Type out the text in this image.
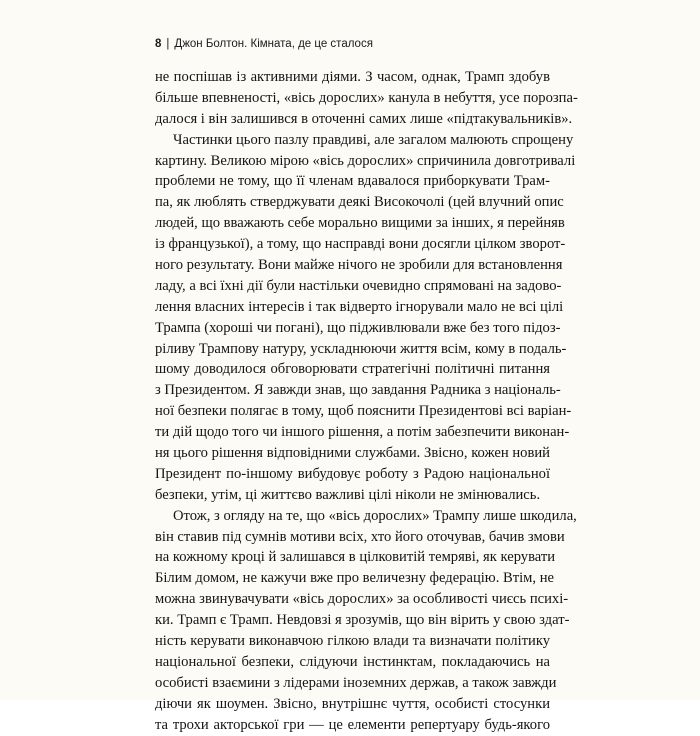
8 | Джон Болтон. Кімната, де це сталося
не поспішав із активними діями. З часом, однак, Трамп здобув
більше впевненості, «вісь дорослих» канула в небуття, усе порозпа-
далося і він залишився в оточенні самих лише «підтакувальників».
Частинки цього пазлу правдиві, але загалом малюють спрощену
картину. Великою мірою «вісь дорослих» спричинила довготривалі
проблеми не тому, що її членам вдавалося приборкувати Трам-
па, як люблять стверджувати деякі Високочолі (цей влучний опис
людей, що вважають себе морально вищими за інших, я перейняв
із французької), а тому, що насправді вони досягли цілком зворот-
ного результату. Вони майже нічого не зробили для встановлення
ладу, а всі їхні дії були настільки очевидно спрямовані на задово-
лення власних інтересів і так відверто ігнорували мало не всі цілі
Трампа (хороші чи погані), що підживлювали вже без того підоз-
ріливу Трампову натуру, ускладнюючи життя всім, кому в подаль-
шому доводилося обговорювати стратегічні політичні питання
з Президентом. Я завжди знав, що завдання Радника з національ-
ної безпеки полягає в тому, щоб пояснити Президентові всі варіан-
ти дій щодо того чи іншого рішення, а потім забезпечити виконан-
ня цього рішення відповідними службами. Звісно, кожен новий
Президент по-іншому вибудовує роботу з Радою національної
безпеки, утім, ці життєво важливі цілі ніколи не змінювались.
Отож, з огляду на те, що «вісь дорослих» Трампу лише шкодила,
він ставив під сумнів мотиви всіх, хто його оточував, бачив змови
на кожному кроці й залишався в цілковитій темряві, як керувати
Білим домом, не кажучи вже про величезну федерацію. Втім, не
можна звинувачувати «вісь дорослих» за особливості чиєсь психі-
ки. Трамп є Трамп. Невдовзі я зрозумів, що він вірить у свою здат-
ність керувати виконавчою гілкою влади та визначати політику
національної безпеки, слідуючи інстинктам, покладаючись на
особисті взаємини з лідерами іноземних держав, а також завжди
діючи як шоумен. Звісно, внутрішнє чуття, особисті стосунки
та трохи акторської гри — це елементи репертуару будь-якого
